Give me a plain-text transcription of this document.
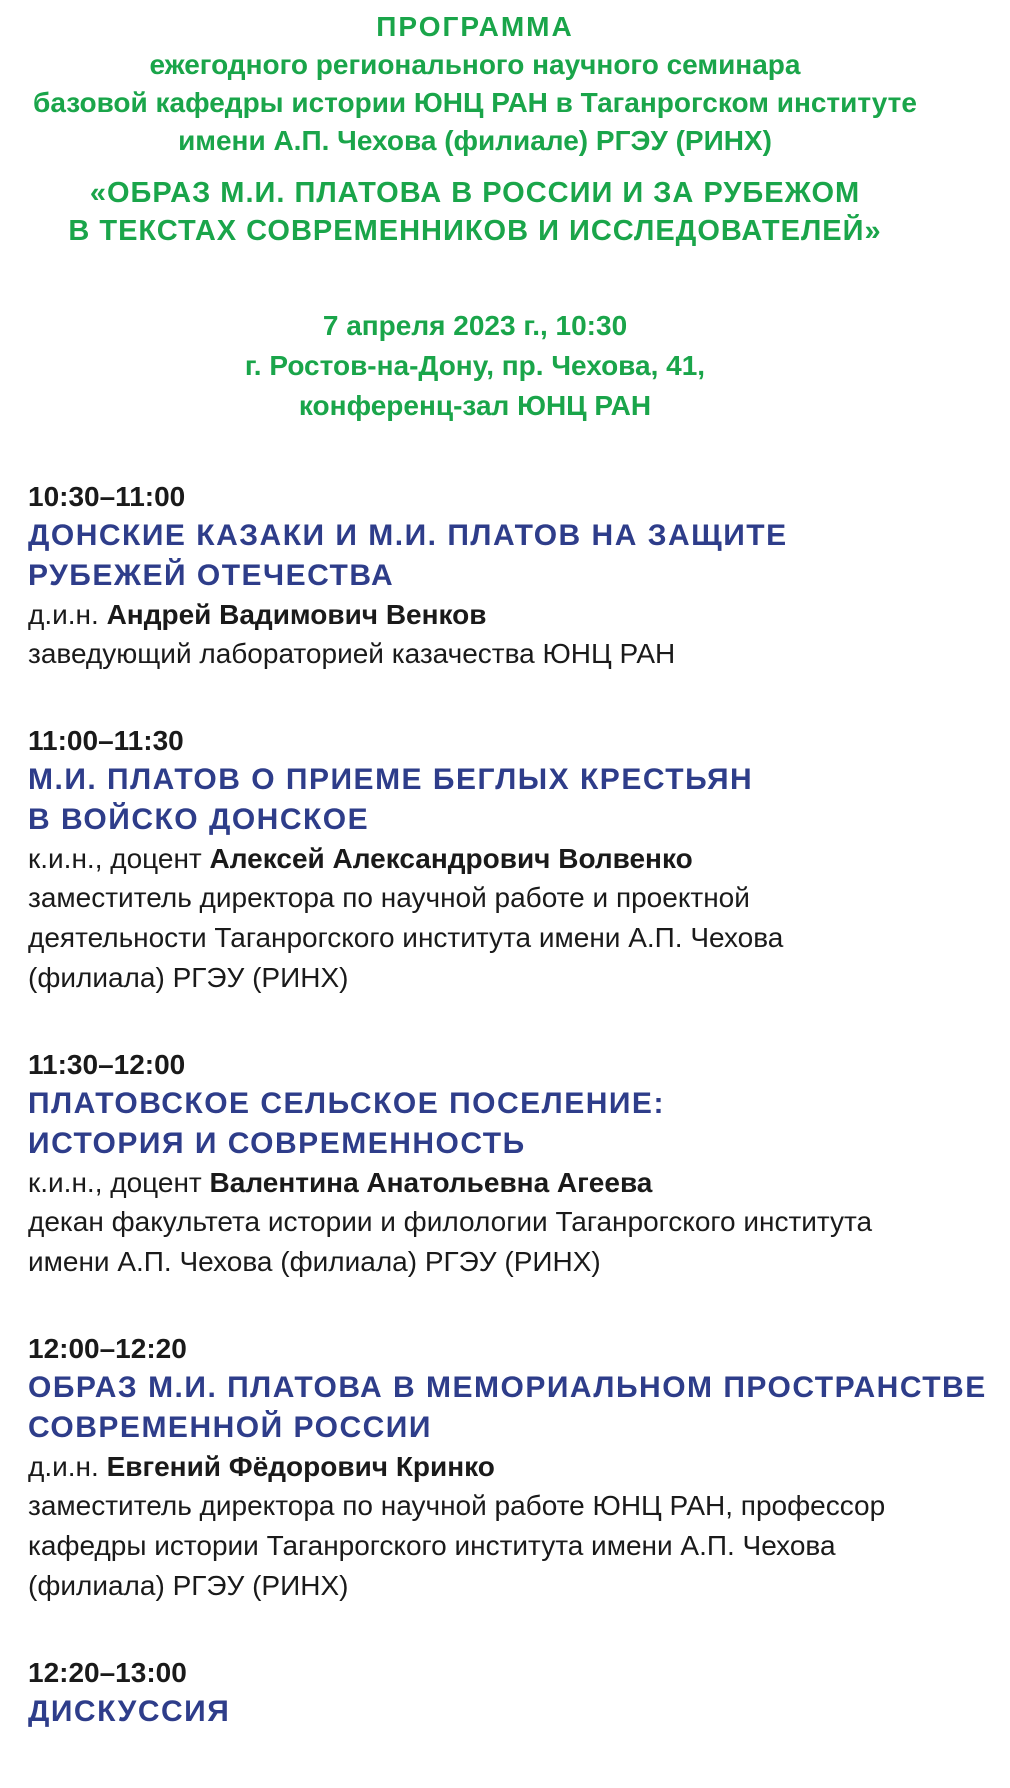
ПРОГРАММА
ежегодного регионального научного семинара
базовой кафедры истории ЮНЦ РАН в Таганрогском институте
имени А.П. Чехова (филиале) РГЭУ (РИНХ)
«ОБРАЗ М.И. ПЛАТОВА В РОССИИ И ЗА РУБЕЖОМ
В ТЕКСТАХ СОВРЕМЕННИКОВ И ИССЛЕДОВАТЕЛЕЙ»
7 апреля 2023 г., 10:30
г. Ростов-на-Дону, пр. Чехова, 41,
конференц-зал ЮНЦ РАН
10:30–11:00
ДОНСКИЕ КАЗАКИ И М.И. ПЛАТОВ НА ЗАЩИТЕ
РУБЕЖЕЙ ОТЕЧЕСТВА
д.и.н. Андрей Вадимович Венков
заведующий лабораторией казачества ЮНЦ РАН
11:00–11:30
М.И. ПЛАТОВ О ПРИЕМЕ БЕГЛЫХ КРЕСТЬЯН
В ВОЙСКО ДОНСКОЕ
к.и.н., доцент Алексей Александрович Волвенко
заместитель директора по научной работе и проектной
деятельности Таганрогского института имени А.П. Чехова
(филиала) РГЭУ (РИНХ)
11:30–12:00
ПЛАТОВСКОЕ СЕЛЬСКОЕ ПОСЕЛЕНИЕ:
ИСТОРИЯ И СОВРЕМЕННОСТЬ
к.и.н., доцент Валентина Анатольевна Агеева
декан факультета истории и филологии Таганрогского института
имени А.П. Чехова (филиала) РГЭУ (РИНХ)
12:00–12:20
ОБРАЗ М.И. ПЛАТОВА В МЕМОРИАЛЬНОМ ПРОСТРАНСТВЕ
СОВРЕМЕННОЙ РОССИИ
д.и.н. Евгений Фёдорович Кринко
заместитель директора по научной работе ЮНЦ РАН, профессор
кафедры истории Таганрогского института имени А.П. Чехова
(филиала) РГЭУ (РИНХ)
12:20–13:00
ДИСКУССИЯ
